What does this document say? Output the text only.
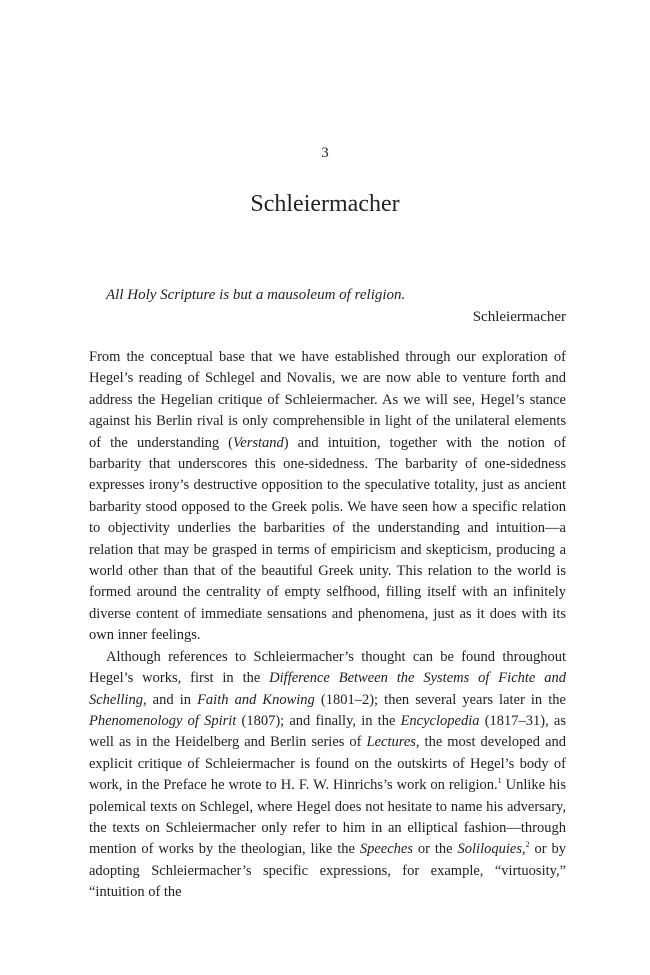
3
Schleiermacher

All Holy Scripture is but a mausoleum of religion.

Schleiermacher

From the conceptual base that we have established through our exploration of Hegel’s reading of Schlegel and Novalis, we are now able to venture forth and address the Hegelian critique of Schleiermacher. As we will see, Hegel’s stance against his Berlin rival is only comprehensible in light of the unilateral elements of the understanding (Verstand) and intuition, together with the notion of barbarity that underscores this one-sidedness. The barbarity of one-sidedness expresses irony’s destructive opposition to the speculative totality, just as ancient barbarity stood opposed to the Greek polis. We have seen how a specific relation to objectivity underlies the barbarities of the understanding and intuition—a relation that may be grasped in terms of empiricism and skepticism, producing a world other than that of the beautiful Greek unity. This relation to the world is formed around the centrality of empty selfhood, filling itself with an infinitely diverse content of immediate sensations and phenomena, just as it does with its own inner feelings.

Although references to Schleiermacher’s thought can be found throughout Hegel’s works, first in the Difference Between the Systems of Fichte and Schelling, and in Faith and Knowing (1801–2); then several years later in the Phenomenology of Spirit (1807); and finally, in the Encyclopedia (1817–31), as well as in the Heidelberg and Berlin series of Lectures, the most developed and explicit critique of Schleiermacher is found on the outskirts of Hegel’s body of work, in the Preface he wrote to H. F. W. Hinrichs’s work on religion.$^1$ Unlike his polemical texts on Schlegel, where Hegel does not hesitate to name his adversary, the texts on Schleiermacher only refer to him in an elliptical fashion—through mention of works by the theologian, like the Speeches or the Soliloquies,$^2$ or by adopting Schleiermacher’s specific expressions, for example, “virtuosity,” “intuition of the
